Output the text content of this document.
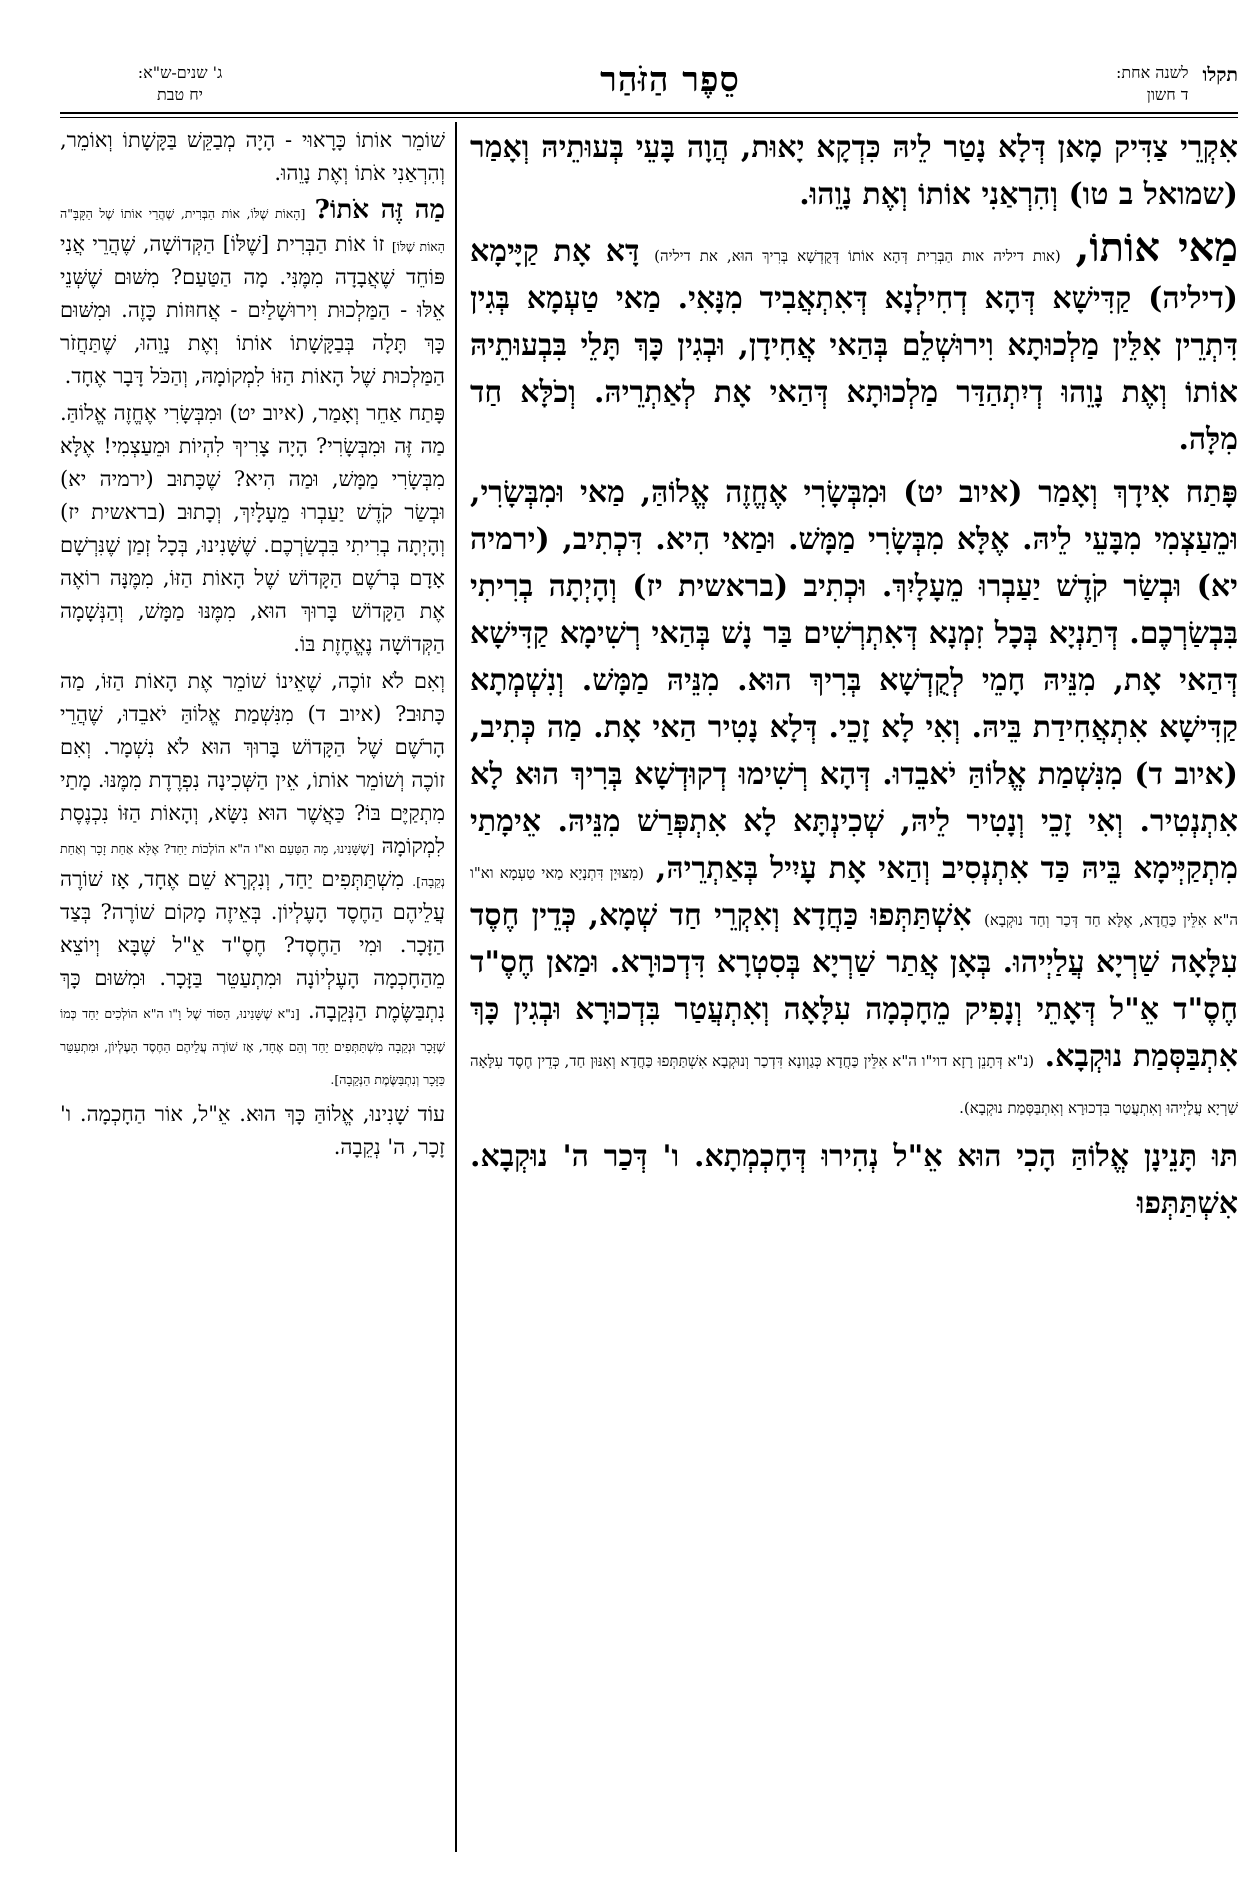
תקלו
לשנה אחת:
ד חשון
סֵפֶר הַזֹּהַר
ג' שנים-ש"א:
יח טבת

אִקְרֵי צַדִּיק מָאן דְּלָא נָטַר לֵיהּ כִּדְקָא יָאוּת, הֲוָה בָּעֵי בְּעוּתֵיהּ וְאָמַר (שמואל ב טו) וְהִרְאַנִי אוֹתוֹ וְאֶת נָוֵהוּ.

מַאי אוֹתוֹ, (אות דיליה אות הַבְּרִית דְּהָא אוֹתוֹ דְּקֻדְשָׁא בְּרִיךְ הוּא, את דיליה) דָּא אָת קַיָּימָא (דיליה) קַדִּישָׁא דְּהָא דְחִילְנָא דְּאִתְאֲבִיד מִנָּאִי. מַאי טַעְמָא בְּגִין דִּתְרֵין אִלֵּין מַלְכוּתָא וִירוּשְׁלֵם בְּהַאי אֲחִידָן, וּבְגִין כָּךְ תָּלֵי בִּבְעוּתֵיהּ אוֹתוֹ וְאֶת נָוֵהוּ דְיִתְהַדַּר מַלְכוּתָא דְּהַאי אָת לְאַתְרֵיהּ. וְכֹלָּא חַד מִלָּה.

פָּתַח אִידָךְ וְאָמַר (איוב יט) וּמִבְּשָׂרִי אֶחֱזֶה אֱלוֹהַּ, מַאי וּמִבְּשָׂרִי, וּמֵעַצְמִי מִבָּעֵי לֵיהּ. אֶלָּא מִבְּשָׂרִי מַמָּשׁ. וּמַאי הִיא. דִּכְתִיב, (ירמיה יא) וּבְשַׂר קֹדֶשׁ יַעַבְרוּ מֵעָלָיִךְ. וּכְתִיב (בראשית יז) וְהָיְתָה בְרִיתִי בִּבְשַׂרְכֶם. דְּתַנְיָא בְּכָל זִמְנָא דְּאִתְרְשִׁים בַּר נָשׁ בְּהַאי רְשִׁימָא קַדִּישָׁא דְּהַאי אָת, מִנֵּיהּ חָמֵי לְקֻדְשָׁא בְּרִיךְ הוּא. מִנֵּיהּ מַמָּשׁ. וְנִשְׁמְתָא קַדִּישָׁא אִתְאֲחִידַת בֵּיהּ. וְאִי לָא זָכֵי. דְּלָא נָטִיר הַאי אָת. מַה כְּתִיב, (איוב ד) מִנִּשְׁמַת אֱלוֹהַּ יֹאבֵדוּ. דְּהָא רְשִׁימוּ דְקוּדְשָׁא בְּרִיךְ הוּא לָא אִתְנְטִיר. וְאִי זָכֵי וְנָטִיר לֵיהּ, שְׁכִינְתָּא לָא אִתְפְּרַשׁ מִנֵּיהּ. אֵימָתַי מִתְקַיְּימָא בֵּיהּ כַּד אִתְנְסִיב וְהַאי אָת עָיִיל בְּאַתְרֵיהּ, (מִצּוּיָן דִּתְנָיָא מַאי טַעְמָא וא"ו ה"א אִלֵּין כַּחֲדָא, אֶלָּא חַד דְּכַר וְחַד נוּקְבָא) אִשְׁתַּתְּפוּ כַּחֲדָא וְאִקְרֵי חַד שְׁמָא, כְּדֵין חֶסֶד עִלָּאָה שַׁרְיָא עֲלַיְיהוּ. בְּאָן אֲתַר שַׁרְיָא בְּסִטְרָא דִּדְכוּרָא. וּמַאן חֶסֶ"ד חֶסֶ"ד אֵ"ל דְּאָתֵי וְנָפִיק מֵחָכְמָה עִלָּאָה וְאִתְעֲטַר בִּדְכוּרָא וּבְגִין כָּךְ אִתְבַּסְּמַת נוּקְבָא. (נ"א דְּתָנֵן רָזָא דוי"ו ה"א אִלֵּין כַּחֲדָא כְּגַוְונָא דִּדְכַר וְנוּקְבָא אִשְׁתַּתְּפוּ כַּחֲדָא וְאִנּוּן חַד, כְּדֵין חֶסֶד עִלָּאָה שַׁרְיָא עֲלַיְיהוּ וְאִתְעֲטַר בִּדְכוּרָא וְאִתְבַּסְּמַת נוּקְבָא).

תּוּ תָּנֵינָן אֱלוֹהַּ הָכִי הוּא אֵ"ל נְהִירוּ דְּחָכְמְתָא. ו' דְּכַר ה' נוּקְבָא. אִשְׁתַּתְּפוּ

שׁוֹמֵר אוֹתוֹ כָּרָאוּי - הָיָה מְבַקֵּשׁ בַּקָּשָׁתוֹ וְאוֹמֵר, וְהִרְאַנִי אֹתוֹ וְאֶת נָוֵהוּ.

מַה זֶּה אֹתוֹ? [הָאוֹת שֶׁלּוֹ, אוֹת הַבְּרִית, שֶׁהֲרֵי אוֹתוֹ שֶׁל הַקָּבָּ"ה הָאוֹת שֶׁלּוֹ] זוֹ אוֹת הַבְּרִית [שֶׁלּוֹ] הַקְּדוֹשָׁה, שֶׁהֲרֵי אֲנִי פּוֹחֵד שֶׁאֲבָדָה מִמֶּנִּי. מָה הַטַּעַם? מִשּׁוּם שֶׁשְּׁנֵי אֵלּוּ - הַמַּלְכוּת וִירוּשָׁלַיִם - אֲחוּזוֹת כָּזֶה. וּמִשּׁוּם כָּךְ תָּלָה בְּבַקָּשָׁתוֹ אוֹתוֹ וְאֶת נָוֵהוּ, שֶׁתַּחֲזֹר הַמַּלְכוּת שֶׁל הָאוֹת הַזּוֹ לִמְקוֹמָהּ, וְהַכֹּל דָּבָר אֶחָד.

פָּתַח אַחֵר וְאָמַר, (איוב יט) וּמִבְּשָׂרִי אֶחֱזֶה אֱלוֹהַּ. מַה זֶּה וּמִבְּשָׂרִי? הָיָה צָרִיךְ לִהְיוֹת וּמֵעַצְמִי! אֶלָּא מִבְּשָׂרִי מַמָּשׁ, וּמַה הִיא? שֶׁכָּתוּב (ירמיה יא) וּבְשַׂר קֹדֶשׁ יַעַבְרוּ מֵעָלָיִךְ, וְכָתוּב (בראשית יז) וְהָיְתָה בְרִיתִי בִּבְשַׂרְכֶם. שֶׁשָּׁנִינוּ, בְּכָל זְמַן שֶׁנִּרְשָׁם אָדָם בְּרֹשֶׁם הַקָּדוֹשׁ שֶׁל הָאוֹת הַזּוֹ, מִמֶּנָּה רוֹאֶה אֶת הַקָּדוֹשׁ בָּרוּךְ הוּא, מִמֶּנּוּ מַמָּשׁ, וְהַנְּשָׁמָה הַקְּדוֹשָׁה נֶאֱחֶזֶת בּוֹ.

וְאִם לֹא זוֹכֶה, שֶׁאֵינוֹ שׁוֹמֵר אֶת הָאוֹת הַזּוֹ, מַה כָּתוּב? (איוב ד) מִנִּשְׁמַת אֱלוֹהַּ יֹאבֵדוּ, שֶׁהֲרֵי הָרֹשֶׁם שֶׁל הַקָּדוֹשׁ בָּרוּךְ הוּא לֹא נִשְׁמָר. וְאִם זוֹכֶה וְשׁוֹמֵר אוֹתוֹ, אֵין הַשְּׁכִינָה נִפְרֶדֶת מִמֶּנּוּ. מָתַי מִתְקַיֶּם בּוֹ? כַּאֲשֶׁר הוּא נִשָּׂא, וְהָאוֹת הַזּוֹ נִכְנֶסֶת לִמְקוֹמָהּ [שֶׁשָּׁנִינוּ, מָה הַטַּעַם וא"ו ה"א הוֹלְכוֹת יַחַד? אֶלָּא אַחַת זָכָר וְאַחַת נְקֵבָה]. מִשְׁתַּתְּפִים יַחַד, וְנִקְרָא שֵׁם אֶחָד, אָז שׁוֹרֶה עֲלֵיהֶם הַחֶסֶד הָעֶלְיוֹן. בְּאֵיזֶה מָקוֹם שׁוֹרֶה? בְּצַד הַזָּכָר. וּמִי הַחֶסֶד? חֶסֶ"ד אֵ"ל שֶׁבָּא וְיוֹצֵא מֵהַחָכְמָה הָעֶלְיוֹנָה וּמִתְעַטֵּר בַּזָּכָר. וּמִשּׁוּם כָּךְ נִתְבַּשֶּׂמֶת הַנְּקֵבָה. [נ"א שֶׁשָּׁנִינוּ, הַסּוֹד שֶׁל וָ"ו ה"א הוֹלְכִים יַחַד כְּמוֹ שֶׁזָּכָר וּנְקֵבָה מִשְׁתַּתְּפִים יַחַד וְהֵם אֶחָד, אָז שׁוֹרֶה עֲלֵיהֶם הַחֶסֶד הָעֶלְיוֹן, וּמִתְעַטֵּר כַּזָּכָר וְנִתְבַּשֶּׂמֶת הַנְּקֵבָה].

עוֹד שָׁנִינוּ, אֱלוֹהַּ כָּךְ הוּא. אֵ"ל, אוֹר הַחָכְמָה. ו' זָכָר, ה' נְקֵבָה.
